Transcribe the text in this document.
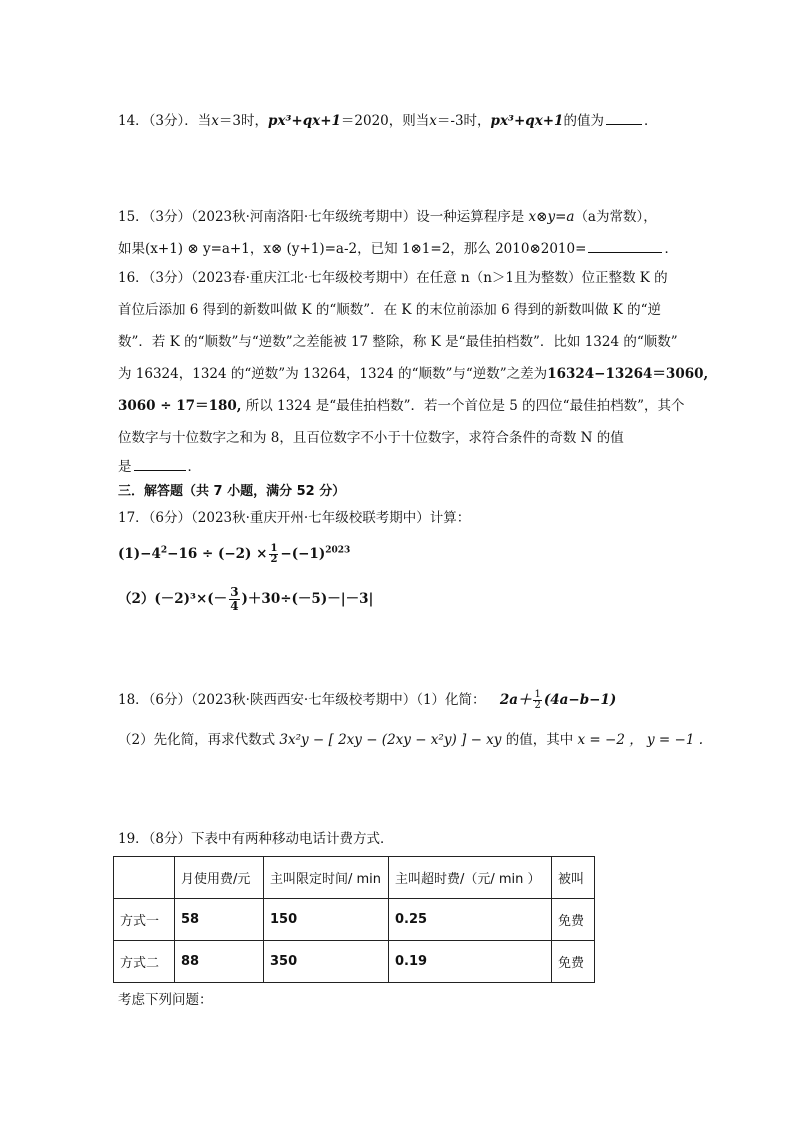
14．（3分）．当x＝3时，px³+qx+1＝2020，则当x＝-3时，px³+qx+1的值为	．
15．（3分）（2023秋·河南洛阳·七年级统考期中）设一种运算程序是 x⊗y=a（a为常数），
如果(x+1) ⊗ y=a+1，x⊗ (y+1)=a-2，已知 1⊗1=2，那么 2010⊗2010=	．
16．（3分）（2023春·重庆江北·七年级校考期中）在任意 n（n＞1且为整数）位正整数 K 的
首位后添加 6 得到的新数叫做 K 的“顺数”．在 K 的末位前添加 6 得到的新数叫做 K 的“逆
数”．若 K 的“顺数”与“逆数”之差能被 17 整除，称 K 是“最佳拍档数”．比如 1324 的“顺数”
为 16324，1324 的“逆数”为 13264，1324 的“顺数”与“逆数”之差为16324−13264＝3060,
3060 ÷ 17＝180, 所以 1324 是“最佳拍档数”．若一个首位是 5 的四位“最佳拍档数”，其个
位数字与十位数字之和为 8，且百位数字不小于十位数字，求符合条件的奇数 N 的值
是	．
三．解答题（共 7 小题，满分 52 分）
17．（6分）（2023秋·重庆开州·七年级校联考期中）计算：
$(1)-4^2-16 \div (-2) \times \frac{1}{2} -(-1)^{2023}$
$(2)(-2)^3\times(- \frac{3}{4} )+30\div(-5)-|-3|$
18．（6分）（2023秋·陕西西安·七年级校考期中）（1）化简： $2a+ \frac{1}{2} (4a-b-1)$
（2）先化简，再求代数式 3x²y − [ 2xy − (2xy − x²y) ] − xy 的值，其中 x = −2 ， y = −1 .
19．（8分）下表中有两种移动电话计费方式．
	月使用费/元	主叫限定时间/ min	主叫超时费/（元/ min ）	被叫
方式一	58	150	0.25	免费
方式二	88	350	0.19	免费
考虑下列问题：
